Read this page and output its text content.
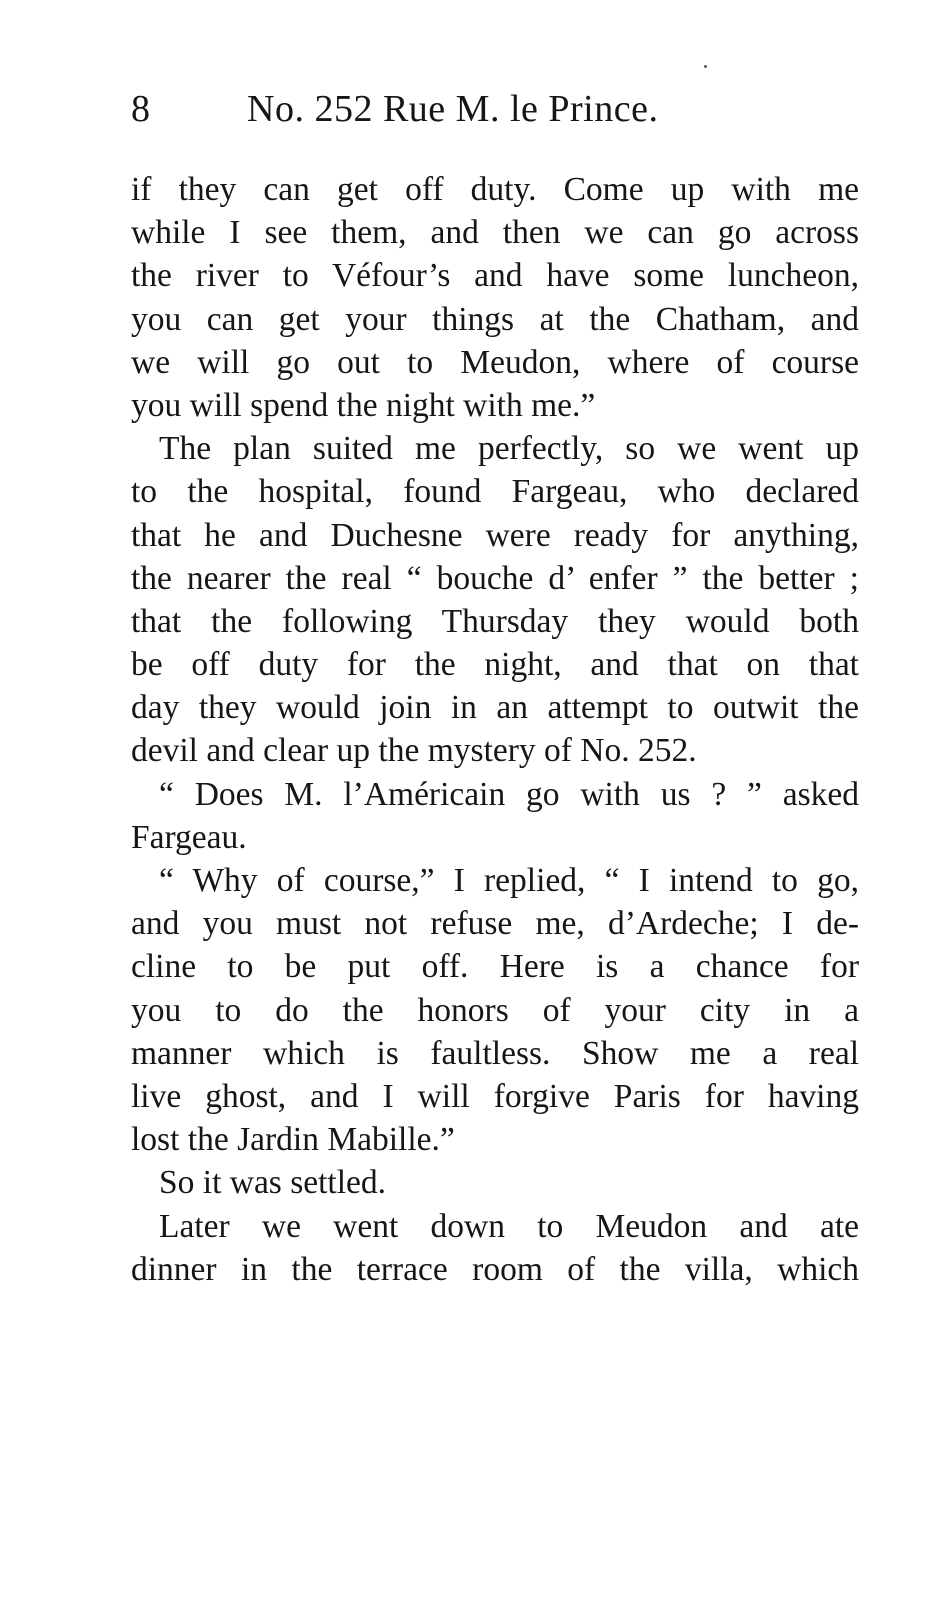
8	No. 252 Rue M. le Prince.
if they can get off duty. Come up with me
while I see them, and then we can go across
the river to Véfour’s and have some luncheon,
you can get your things at the Chatham, and
we will go out to Meudon, where of course
you will spend the night with me.”
The plan suited me perfectly, so we went up
to the hospital, found Fargeau, who declared
that he and Duchesne were ready for anything,
the nearer the real “ bouche d’ enfer ” the better ;
that the following Thursday they would both
be off duty for the night, and that on that
day they would join in an attempt to outwit the
devil and clear up the mystery of No. 252.
“ Does M. l’Américain go with us ? ” asked
Fargeau.
“ Why of course,” I replied, “ I intend to go,
and you must not refuse me, d’Ardeche; I de-
cline to be put off. Here is a chance for
you to do the honors of your city in a
manner which is faultless. Show me a real
live ghost, and I will forgive Paris for having
lost the Jardin Mabille.”
So it was settled.
Later we went down to Meudon and ate
dinner in the terrace room of the villa, which
